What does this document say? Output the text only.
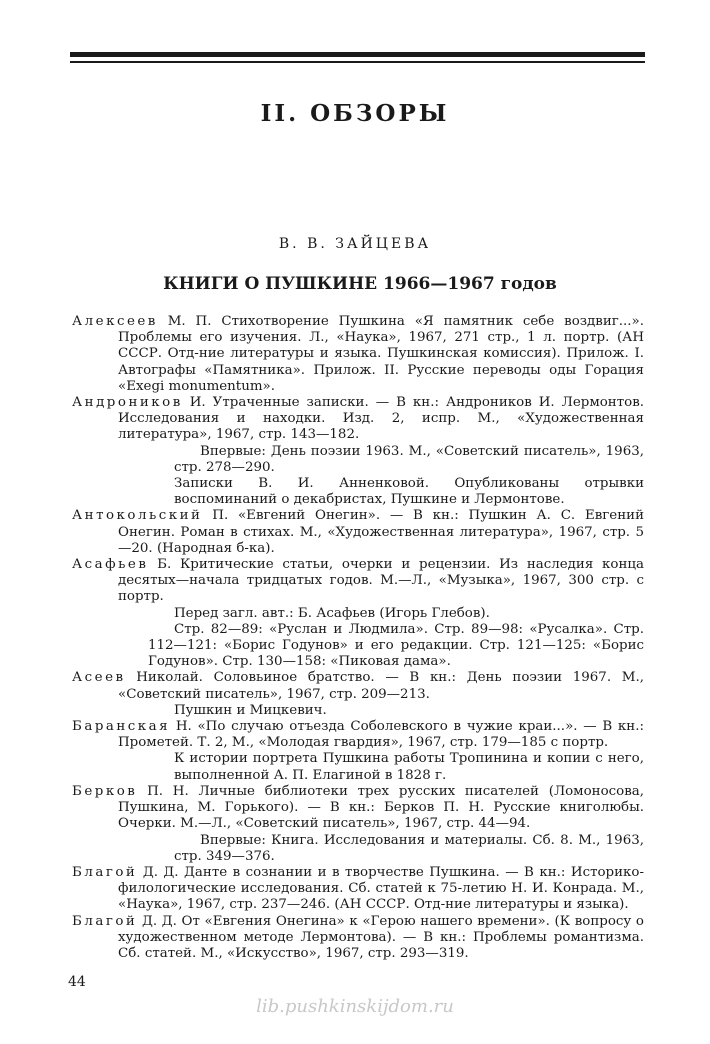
II. ОБЗОРЫ
В. В. ЗАЙЦЕВА
КНИГИ О ПУШКИНЕ 1966—1967 годов
Алексеев М. П. Стихотворение Пушкина «Я памятник себе воздвиг...». Проблемы его изучения. Л., «Наука», 1967, 271 стр., 1 л. портр. (АН СССР. Отд-ние литературы и языка. Пушкинская комиссия). Прилож. I. Автографы «Памятника». Прилож. II. Русские переводы оды Горация «Exegi monumentum».
Андроников И. Утраченные записки. — В кн.: Андроников И. Лермонтов. Исследования и находки. Изд. 2, испр. М., «Художественная литература», 1967, стр. 143—182.
Впервые: День поэзии 1963. М., «Советский писатель», 1963, стр. 278—290.
Записки В. И. Анненковой. Опубликованы отрывки воспоминаний о декабристах, Пушкине и Лермонтове.
Антокольский П. «Евгений Онегин». — В кн.: Пушкин А. С. Евгений Онегин. Роман в стихах. М., «Художественная литература», 1967, стр. 5—20. (Народная б-ка).
Асафьев Б. Критические статьи, очерки и рецензии. Из наследия конца десятых—начала тридцатых годов. М.—Л., «Музыка», 1967, 300 стр. с портр.
Перед загл. авт.: Б. Асафьев (Игорь Глебов).
Стр. 82—89: «Руслан и Людмила». Стр. 89—98: «Русалка». Стр. 112—121: «Борис Годунов» и его редакции. Стр. 121—125: «Борис Годунов». Стр. 130—158: «Пиковая дама».
Асеев Николай. Соловьиное братство. — В кн.: День поэзии 1967. М., «Советский писатель», 1967, стр. 209—213.
Пушкин и Мицкевич.
Баранская Н. «По случаю отъезда Соболевского в чужие краи...». — В кн.: Прометей. Т. 2, М., «Молодая гвардия», 1967, стр. 179—185 с портр.
К истории портрета Пушкина работы Тропинина и копии с него, выполненной А. П. Елагиной в 1828 г.
Берков П. Н. Личные библиотеки трех русских писателей (Ломоносова, Пушкина, М. Горького). — В кн.: Берков П. Н. Русские книголюбы. Очерки. М.—Л., «Советский писатель», 1967, стр. 44—94.
Впервые: Книга. Исследования и материалы. Сб. 8. М., 1963, стр. 349—376.
Благой Д. Д. Данте в сознании и в творчестве Пушкина. — В кн.: Историко-филологические исследования. Сб. статей к 75-летию Н. И. Конрада. М., «Наука», 1967, стр. 237—246. (АН СССР. Отд-ние литературы и языка).
Благой Д. Д. От «Евгения Онегина» к «Герою нашего времени». (К вопросу о художественном методе Лермонтова). — В кн.: Проблемы романтизма. Сб. статей. М., «Искусство», 1967, стр. 293—319.
44
lib.pushkinskijdom.ru
